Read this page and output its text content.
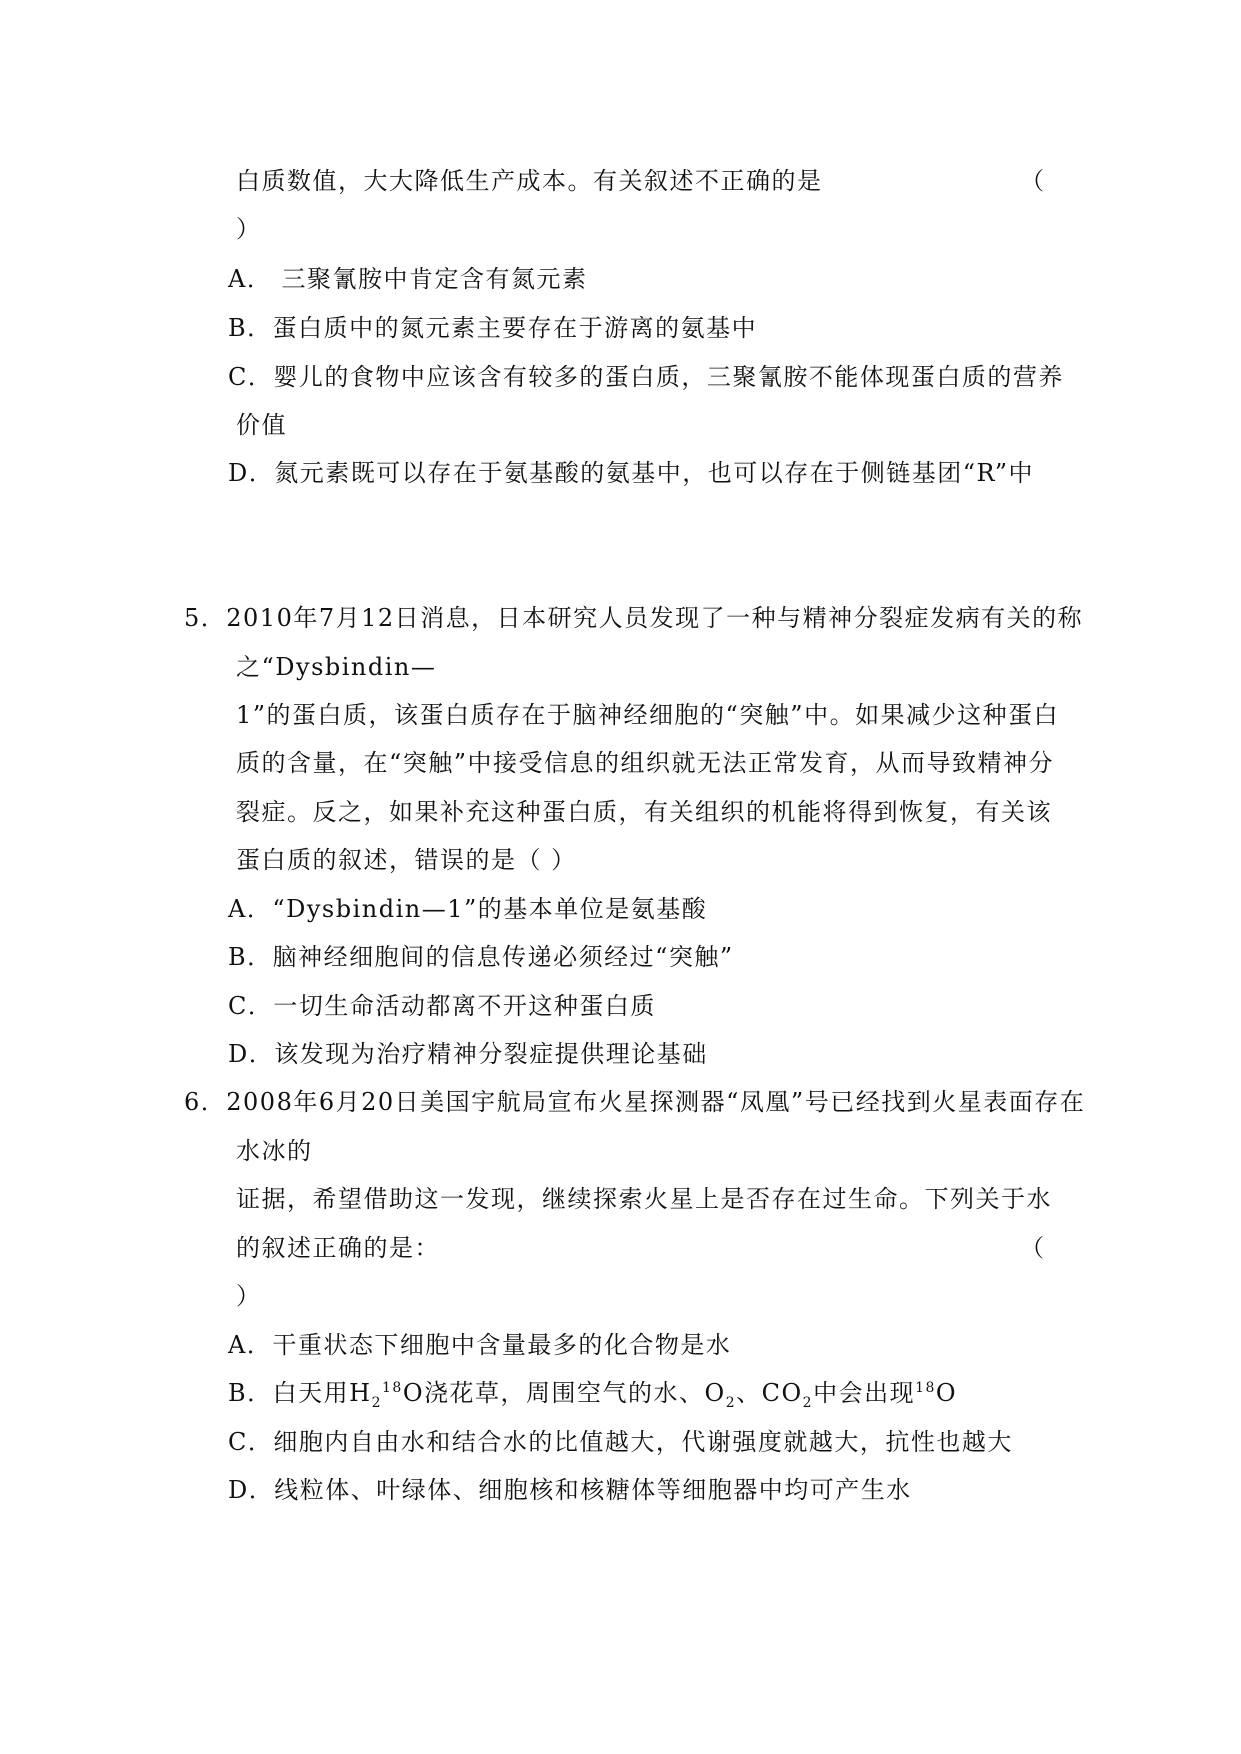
白质数值，大大降低生产成本。有关叙述不正确的是	（
）
A． 三聚氰胺中肯定含有氮元素
B．蛋白质中的氮元素主要存在于游离的氨基中
C．婴儿的食物中应该含有较多的蛋白质，三聚氰胺不能体现蛋白质的营养
价值
D．氮元素既可以存在于氨基酸的氨基中，也可以存在于侧链基团“R”中
5．2010年7月12日消息，日本研究人员发现了一种与精神分裂症发病有关的称
之“Dysbindin—
1”的蛋白质，该蛋白质存在于脑神经细胞的“突触”中。如果减少这种蛋白
质的含量，在“突触”中接受信息的组织就无法正常发育，从而导致精神分
裂症。反之，如果补充这种蛋白质，有关组织的机能将得到恢复，有关该
蛋白质的叙述，错误的是（ ）
A．“Dysbindin—1”的基本单位是氨基酸
B．脑神经细胞间的信息传递必须经过“突触”
C．一切生命活动都离不开这种蛋白质
D．该发现为治疗精神分裂症提供理论基础
6．2008年6月20日美国宇航局宣布火星探测器“凤凰”号已经找到火星表面存在
水冰的
证据，希望借助这一发现，继续探索火星上是否存在过生命。下列关于水
的叙述正确的是：	（
）
A．干重状态下细胞中含量最多的化合物是水
B．白天用$H_2^{18}O$浇花草，周围空气的水、$O_2$、$CO_2$中会出现$^{18}$O
C．细胞内自由水和结合水的比值越大，代谢强度就越大，抗性也越大
D．线粒体、叶绿体、细胞核和核糖体等细胞器中均可产生水
